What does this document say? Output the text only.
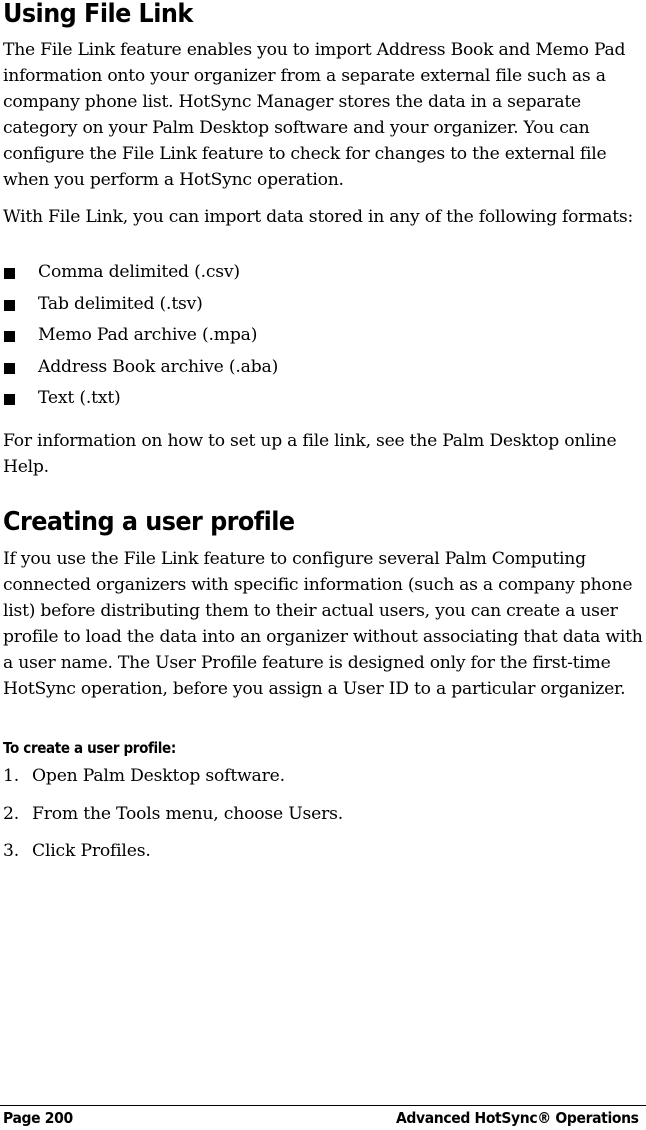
Using File Link

The File Link feature enables you to import Address Book and Memo Pad information onto your organizer from a separate external file such as a company phone list. HotSync Manager stores the data in a separate category on your Palm Desktop software and your organizer. You can configure the File Link feature to check for changes to the external file when you perform a HotSync operation.

With File Link, you can import data stored in any of the following formats:

Comma delimited (.csv)
Tab delimited (.tsv)
Memo Pad archive (.mpa)
Address Book archive (.aba)
Text (.txt)

For information on how to set up a file link, see the Palm Desktop online Help.

Creating a user profile

If you use the File Link feature to configure several Palm Computing connected organizers with specific information (such as a company phone list) before distributing them to their actual users, you can create a user profile to load the data into an organizer without associating that data with a user name. The User Profile feature is designed only for the first-time HotSync operation, before you assign a User ID to a particular organizer.

To create a user profile:
1. Open Palm Desktop software.
2. From the Tools menu, choose Users.
3. Click Profiles.
Page 200	Advanced HotSync® Operations
